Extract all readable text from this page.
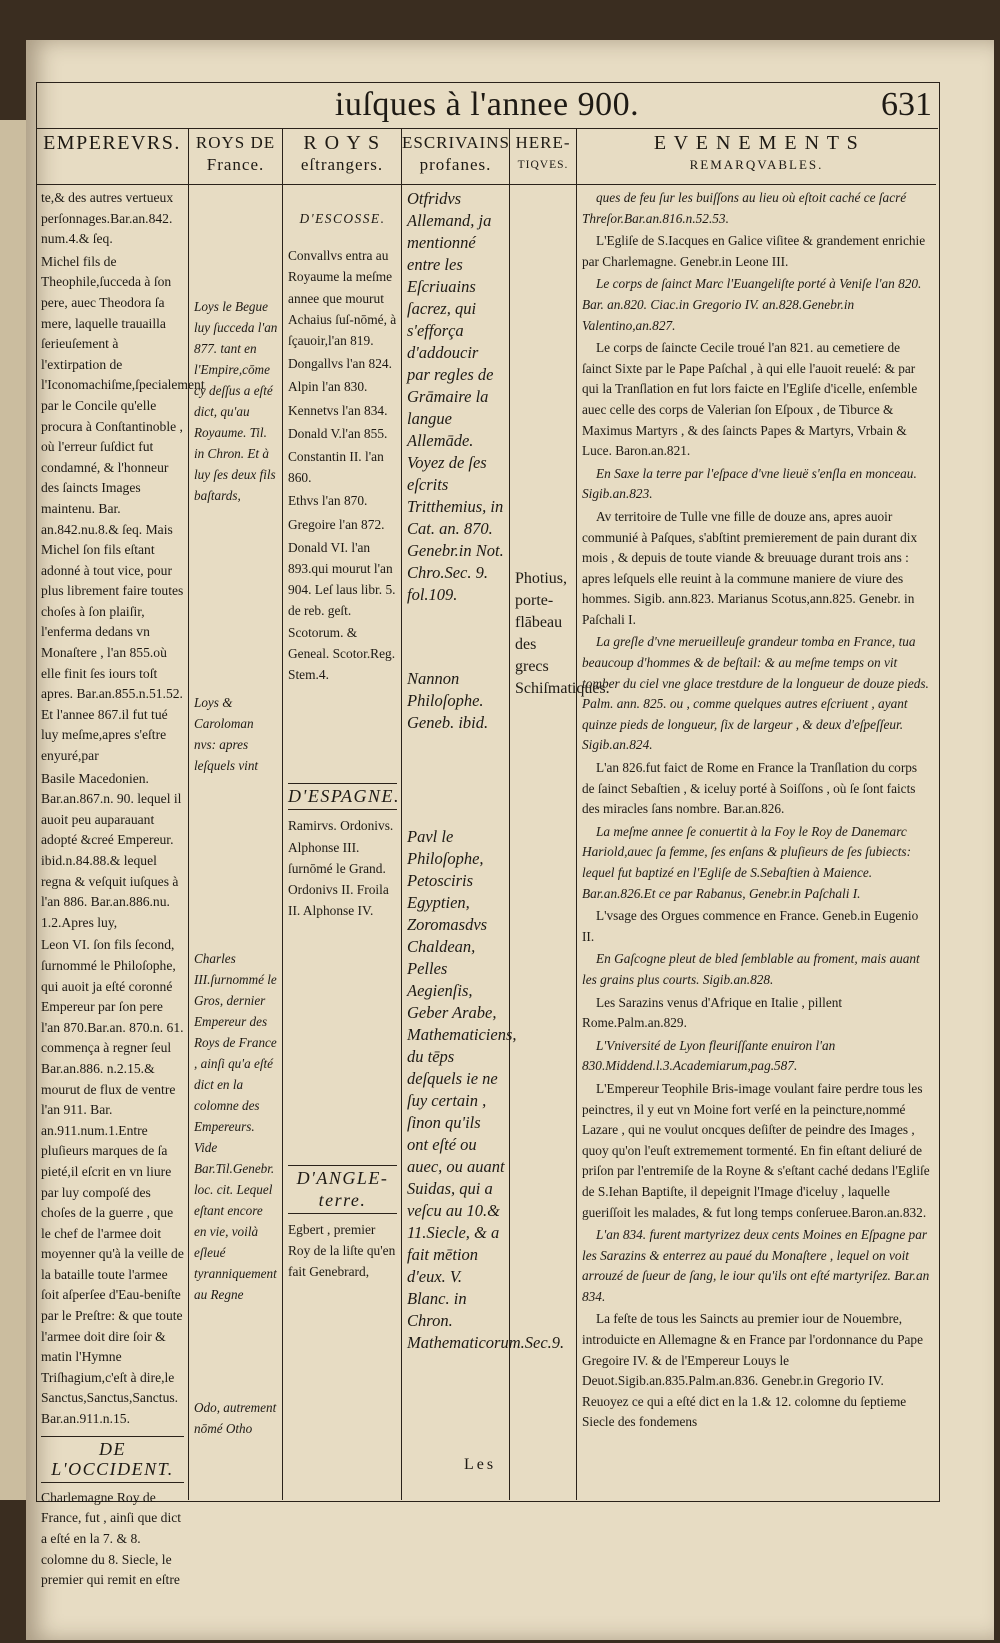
iuſques à l'annee 900.	631
EMPEREVRS.

te,& des autres vertueux perſonnages.Bar.an.842. num.4.& ſeq.

Michel fils de Theophile,ſucceda à ſon pere, auec Theodora ſa mere, laquelle trauailla ſerieuſement à l'extirpation de l'Iconomachiſme,ſpecialement par le Concile qu'elle procura à Conſtantinoble , où l'erreur ſuſdict fut condamné, & l'honneur des ſaincts Images maintenu. Bar. an.842.nu.8.& ſeq. Mais Michel ſon fils eſtant adonné à tout vice, pour plus librement faire toutes choſes à ſon plaiſir, l'enferma dedans vn Monaſtere , l'an 855.où elle finit ſes iours toſt apres. Bar.an.855.n.51.52. Et l'annee 867.il fut tué luy meſme,apres s'eſtre enyuré,par

Basile Macedonien. Bar.an.867.n. 90. lequel il auoit peu auparauant adopté &creé Empereur. ibid.n.84.88.& lequel regna & veſquit iuſques à l'an 886. Bar.an.886.nu. 1.2.Apres luy,

Leon VI. ſon fils ſecond, ſurnommé le Philoſophe, qui auoit ja eſté coronné Empereur par ſon pere l'an 870.Bar.an. 870.n. 61. commença à regner ſeul Bar.an.886. n.2.15.& mourut de flux de ventre l'an 911. Bar. an.911.num.1.Entre pluſieurs marques de ſa pieté,il eſcrit en vn liure par luy compoſé des choſes de la guerre , que le chef de l'armee doit moyenner qu'à la veille de la bataille toute l'armee ſoit aſperſee d'Eau-beniſte par le Preſtre: & que toute l'armee doit dire ſoir & matin l'Hymne Triſhagium,c'eſt à dire,le Sanctus,Sanctus,Sanctus. Bar.an.911.n.15.

DE L'OCCIDENT.

Charlemagne Roy de France, fut , ainſi que dict a eſté en la 7. & 8. colomne du 8. Siecle, le premier qui remit en eſtre

ROYS DE
France.

Loys le Begue luy ſucceda l'an 877. tant en l'Empire,cōme cy deſſus a eſté dict, qu'au Royaume. Til. in Chron. Et à luy ſes deux fils baſtards,

Loys & Caroloman nvs: apres leſquels vint

Charles III.ſurnommé le Gros, dernier Empereur des Roys de France , ainſi qu'a eſté dict en la colomne des Empereurs. Vide Bar.Til.Genebr. loc. cit. Lequel eſtant encore en vie, voilà eſleué tyranniquement au Regne

Odo, autrement nōmé Otho

R O Y S
eſtrangers.
D'ESCOSSE.

Convallvs entra au Royaume la meſme annee que mourut Achaius ſuſ-nōmé, à ſçauoir,l'an 819.

Dongallvs l'an 824.

Alpin l'an 830.

Kennetvs l'an 834.

Donald V.l'an 855.

Constantin II. l'an 860.

Ethvs l'an 870.

Gregoire l'an 872.

Donald VI. l'an 893.qui mourut l'an 904. Leſ laus libr. 5. de reb. geſt. Scotorum. & Geneal. Scotor.Reg. Stem.4.

D'ESPAGNE.

Ramirvs. Ordonivs. Alphonse III. ſurnōmé le Grand. Ordonivs II. Froila II. Alphonse IV.

D'ANGLE-terre.

Egbert , premier Roy de la liſte qu'en fait Genebrard,

ESCRIVAINS
profanes.

Otfridvs Allemand, ja mentionné entre les Eſcriuains ſacrez, qui s'efforça d'addoucir par regles de Grāmaire la langue Allemāde. Voyez de ſes eſcrits Tritthemius, in Cat. an. 870. Genebr.in Not. Chro.Sec. 9. fol.109.

Nannon Philoſophe. Geneb. ibid.

Pavl le Philoſophe, Petosciris Egyptien, Zoromasdvs Chaldean, Pelles Aegienſis, Geber Arabe, Mathematiciens, du tēps deſquels ie ne ſuy certain , ſinon qu'ils ont eſté ou auec, ou auant Suidas, qui a veſcu au 10.& 11.Siecle, & a fait mētion d'eux. V. Blanc. in Chron. Mathematicorum.Sec.9.

Les
HERE-
TIQVES.

Photius, porte-flābeau des grecs Schiſmatiques.

E V E N E M E N T S
REMARQVABLES.

ques de feu ſur les buiſſons au lieu où eſtoit caché ce ſacré Threſor.Bar.an.816.n.52.53.

L'Egliſe de S.Iacques en Galice viſitee & grandement enrichie par Charlemagne. Genebr.in Leone III.

Le corps de ſainct Marc l'Euangeliſte porté à Veniſe l'an 820. Bar. an.820. Ciac.in Gregorio IV. an.828.Genebr.in Valentino,an.827.

Le corps de ſaincte Cecile troué l'an 821. au cemetiere de ſainct Sixte par le Pape Paſchal , à qui elle l'auoit reuelé: & par qui la Tranſlation en fut lors faicte en l'Egliſe d'icelle, enſemble auec celle des corps de Valerian ſon Eſpoux , de Tiburce & Maximus Martyrs , & des ſaincts Papes & Martyrs, Vrbain & Luce. Baron.an.821.

En Saxe la terre par l'eſpace d'vne lieuë s'enſla en monceau. Sigib.an.823.

Av territoire de Tulle vne fille de douze ans, apres auoir communié à Paſques, s'abſtint premierement de pain durant dix mois , & depuis de toute viande & breuuage durant trois ans : apres leſquels elle reuint à la commune maniere de viure des hommes. Sigib. ann.823. Marianus Scotus,ann.825. Genebr. in Paſchali I.

La greſle d'vne merueilleuſe grandeur tomba en France, tua beaucoup d'hommes & de beſtail: & au meſme temps on vit tomber du ciel vne glace trestdure de la longueur de douze pieds. Palm. ann. 825. ou , comme quelques autres eſcriuent , ayant quinze pieds de longueur, ſix de largeur , & deux d'eſpeſſeur. Sigib.an.824.

L'an 826.fut faict de Rome en France la Tranſlation du corps de ſainct Sebaſtien , & iceluy porté à Soiſſons , où ſe ſont faicts des miracles ſans nombre. Bar.an.826.

La meſme annee ſe conuertit à la Foy le Roy de Danemarc Hariold,auec ſa femme, ſes enſans & pluſieurs de ſes ſubiects: lequel fut baptizé en l'Egliſe de S.Sebaſtien à Maience. Bar.an.826.Et ce par Rabanus, Genebr.in Paſchali I.

L'vsage des Orgues commence en France. Geneb.in Eugenio II.

En Gaſcogne pleut de bled ſemblable au froment, mais auant les grains plus courts. Sigib.an.828.

Les Sarazins venus d'Afrique en Italie , pillent Rome.Palm.an.829.

L'Vniversité de Lyon fleuriſſante enuiron l'an 830.Middend.l.3.Academiarum,pag.587.

L'Empereur Teophile Bris-image voulant faire perdre tous les peinctres, il y eut vn Moine fort verſé en la peincture,nommé Lazare , qui ne voulut oncques deſiſter de peindre des Images , quoy qu'on l'euſt extremement tormenté. En fin eſtant deliuré de priſon par l'entremiſe de la Royne & s'eſtant caché dedans l'Egliſe de S.Iehan Baptiſte, il depeignit l'Image d'iceluy , laquelle gueriſſoit les malades, & fut long temps conſeruee.Baron.an.832.

L'an 834. furent martyrizez deux cents Moines en Eſpagne par les Sarazins & enterrez au paué du Monaſtere , lequel on voit arrouzé de ſueur de ſang, le iour qu'ils ont eſté martyriſez. Bar.an 834.

La feſte de tous les Saincts au premier iour de Nouembre, introduicte en Allemagne & en France par l'ordonnance du Pape Gregoire IV. & de l'Empereur Louys le Deuot.Sigib.an.835.Palm.an.836. Genebr.in Gregorio IV. Reuoyez ce qui a eſté dict en la 1.& 12. colomne du ſeptieme Siecle des fondemens
